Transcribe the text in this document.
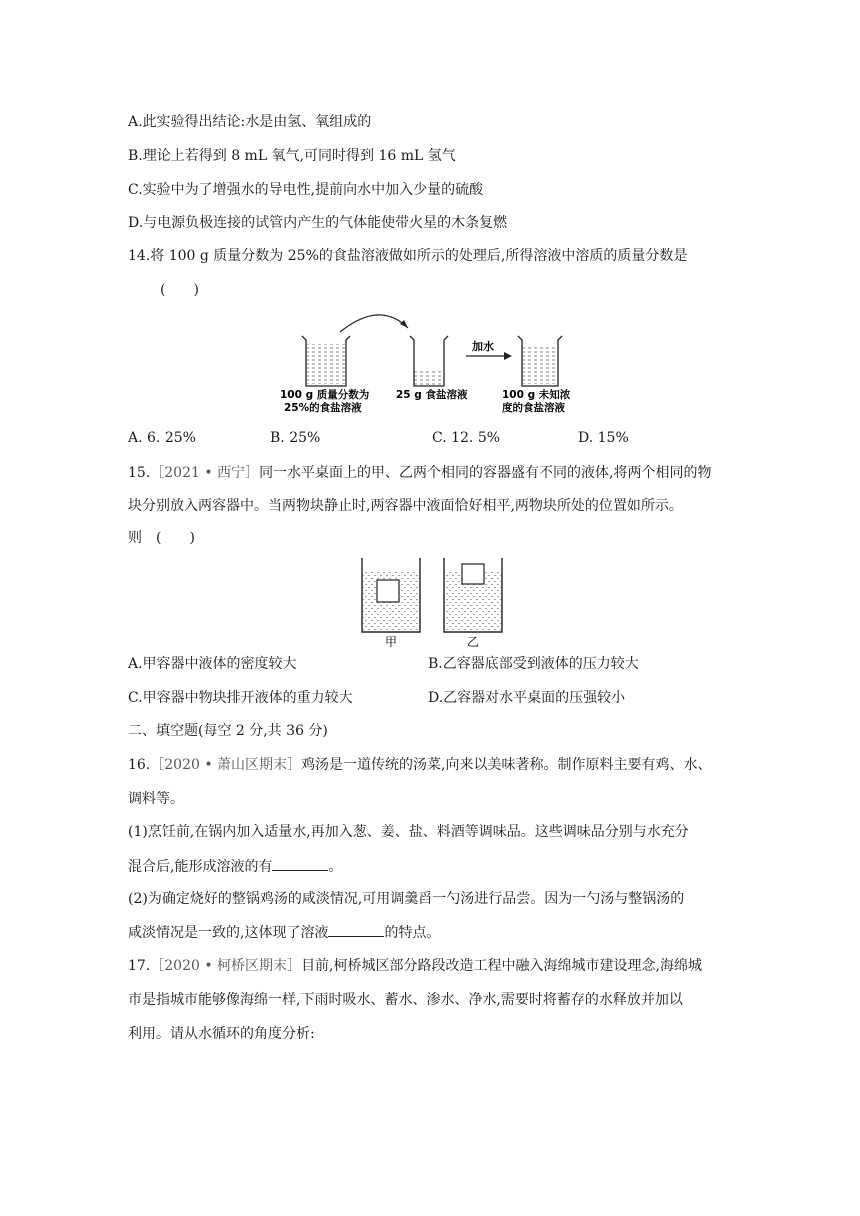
A.此实验得出结论:水是由氢、氧组成的
B.理论上若得到 8 mL 氧气,可同时得到 16 mL 氢气
C.实验中为了增强水的导电性,提前向水中加入少量的硫酸
D.与电源负极连接的试管内产生的气体能使带火星的木条复燃
14.将 100 g 质量分数为 25%的食盐溶液做如所示的处理后,所得溶液中溶质的质量分数是
(　　)
加水
100 g 质量分数为
25%的食盐溶液
25 g 食盐溶液	100 g 未知浓
度的食盐溶液
A. 6. 25%	B. 25%	C. 12. 5%	D. 15%
15.［2021 • 西宁］同一水平桌面上的甲、乙两个相同的容器盛有不同的液体,将两个相同的物
块分别放入两容器中。当两物块静止时,两容器中液面恰好相平,两物块所处的位置如所示。
则　(　　)
甲	乙
A.甲容器中液体的密度较大	B.乙容器底部受到液体的压力较大
C.甲容器中物块排开液体的重力较大	D.乙容器对水平桌面的压强较小
二、填空题(每空 2 分,共 36 分)
16.［2020 • 萧山区期末］鸡汤是一道传统的汤菜,向来以美味著称。制作原料主要有鸡、水、
调料等。
(1)烹饪前,在锅内加入适量水,再加入葱、姜、盐、料酒等调味品。这些调味品分别与水充分
混合后,能形成溶液的有	。
(2)为确定烧好的整锅鸡汤的咸淡情况,可用调羹舀一勺汤进行品尝。因为一勺汤与整锅汤的
咸淡情况是一致的,这体现了溶液	的特点。
17.［2020 • 柯桥区期末］目前,柯桥城区部分路段改造工程中融入海绵城市建设理念,海绵城
市是指城市能够像海绵一样,下雨时吸水、蓄水、渗水、净水,需要时将蓄存的水释放并加以
利用。请从水循环的角度分析:
